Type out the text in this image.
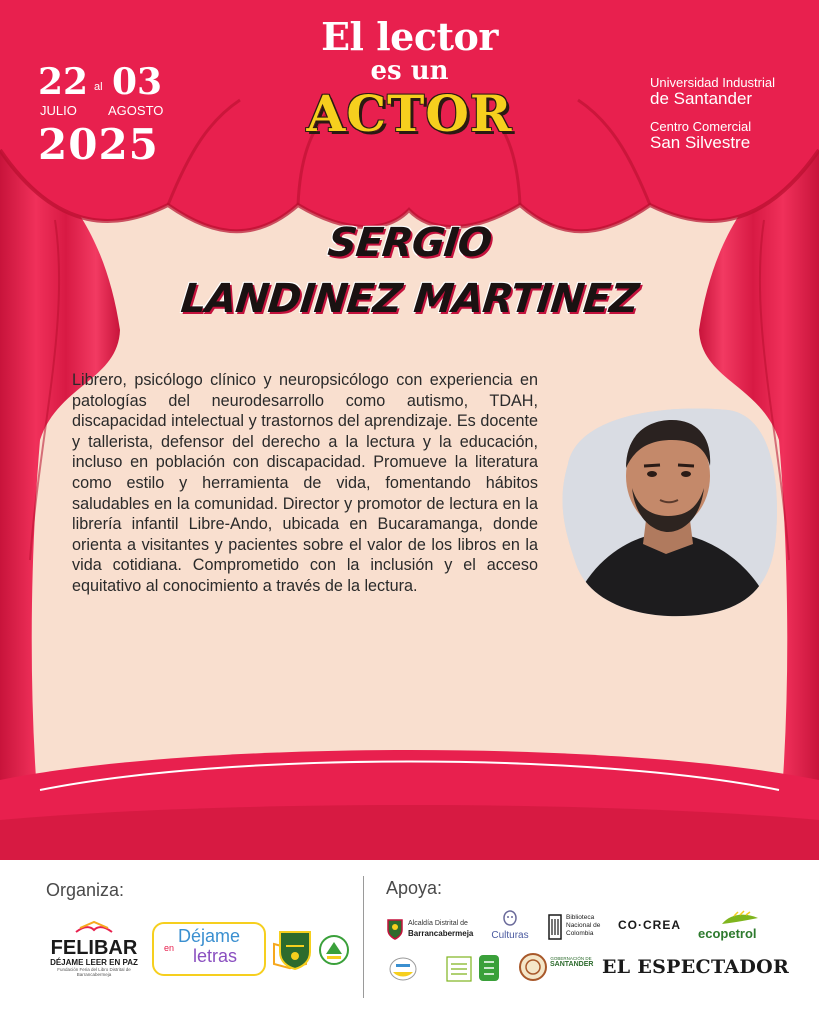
El lector
es un
ACTOR
22 al 03
JULIO AGOSTO
2025
Universidad Industrial
de Santander
Centro Comercial
San Silvestre
SERGIO
LANDINEZ MARTINEZ

Librero, psicólogo clínico y neuropsicólogo con experiencia en patologías del neurodesarrollo como autismo, TDAH, discapacidad intelectual y trastornos del aprendizaje. Es docente y tallerista, defensor del derecho a la lectura y la educación, incluso en población con discapacidad. Promueve la literatura como estilo y herramienta de vida, fomentando hábitos saludables en la comunidad. Director y promotor de lectura en la librería infantil Libre-Ando, ubicada en Bucaramanga, donde orienta a visitantes y pacientes sobre el valor de los libros en la vida cotidiana. Comprometido con la inclusión y el acceso equitativo al conocimiento a través de la lectura.

Organiza:	Apoya:
FELIBAR
DÉJAME LEER EN PAZ
Fundación Feria del Libro Distrital de Barrancabermeja
Déjame
en	letras
Alcaldía Distrital de
Barrancabermeja	Culturas
Biblioteca
Nacional de
Colombia
CO·CREA
ecopetrol
GOBERNACIÓN DE
SANTANDER EL ESPECTADOR
